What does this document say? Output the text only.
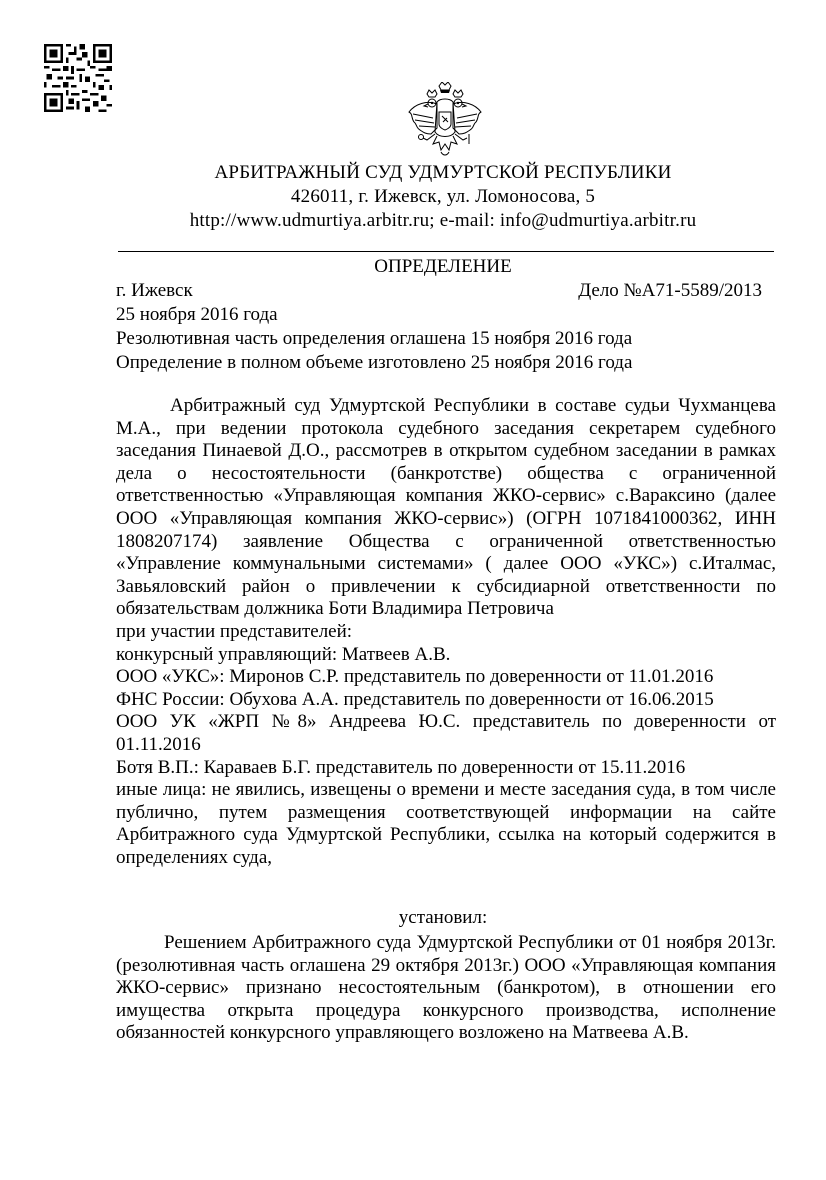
АРБИТРАЖНЫЙ СУД УДМУРТСКОЙ РЕСПУБЛИКИ
426011, г. Ижевск, ул. Ломоносова, 5
http://www.udmurtiya.arbitr.ru; e-mail: info@udmurtiya.arbitr.ru
ОПРЕДЕЛЕНИЕ
г. Ижевск	Дело №А71-5589/2013
25 ноября 2016 года
Резолютивная часть определения оглашена 15 ноября 2016 года
Определение в полном объеме изготовлено 25 ноября 2016 года

Арбитражный суд Удмуртской Республики в составе судьи Чухманцева М.А., при ведении протокола судебного заседания секретарем судебного заседания Пинаевой Д.О., рассмотрев в открытом судебном заседании в рамках дела о несостоятельности (банкротстве) общества с ограниченной ответственностью «Управляющая компания ЖКО-сервис» с.Вараксино (далее ООО «Управляющая компания ЖКО-сервис») (ОГРН 1071841000362, ИНН 1808207174) заявление Общества с ограниченной ответственностью «Управление коммунальными системами» ( далее ООО «УКС») с.Италмас, Завьяловский район о привлечении к субсидиарной ответственности по обязательствам должника Боти Владимира Петровича

при участии представителей:

конкурсный управляющий: Матвеев А.В.

ООО «УКС»: Миронов С.Р. представитель по доверенности от 11.01.2016

ФНС России: Обухова А.А. представитель по доверенности от 16.06.2015

ООО УК «ЖРП №8» Андреева Ю.С. представитель по доверенности от 01.11.2016

Ботя В.П.: Караваев Б.Г. представитель по доверенности от 15.11.2016

иные лица: не явились, извещены о времени и месте заседания суда, в том числе публично, путем размещения соответствующей информации на сайте Арбитражного суда Удмуртской Республики, ссылка на который содержится в определениях суда,

установил:

Решением Арбитражного суда Удмуртской Республики от 01 ноября 2013г. (резолютивная часть оглашена 29 октября 2013г.) ООО «Управляющая компания ЖКО-сервис» признано несостоятельным (банкротом), в отношении его имущества открыта процедура конкурсного производства, исполнение обязанностей конкурсного управляющего возложено на Матвеева А.В.
